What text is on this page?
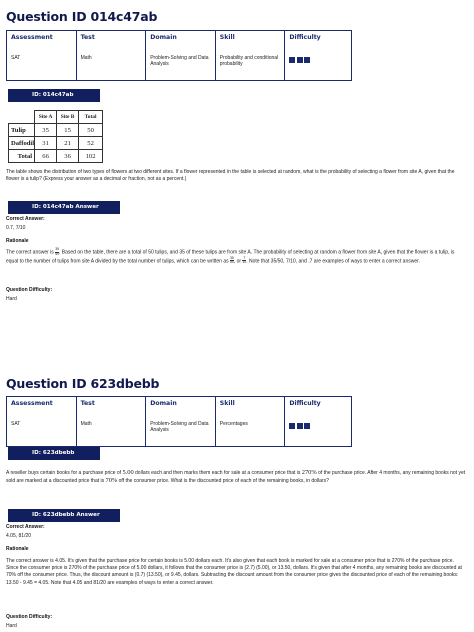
Question ID 014c47ab
Assessment
SAT
Test
Math
Domain
Problem-Solving and Data Analysis
Skill
Probability and conditional probability
Difficulty
ID: 014c47ab
	Site A	Site B	Total
Tulip	35	15	50
Daffodil	31	21	52
Total	66	36	102
The table shows the distribution of two types of flowers at two different sites. If a flower represented in the table is selected at random, what is the probability of selecting a flower from site A, given that the flower is a tulip? (Express your answer as a decimal or fraction, not as a percent.)
ID: 014c47ab Answer
Correct Answer:
0.7, 7/10
Rationale
The correct answer is $\frac{35}{50}$ . Based on the table, there are a total of 50 tulips, and 35 of these tulips are from site A. The probability of selecting at random a flower from site A, given that the flower is a tulip, is equal to the number of tulips from site A divided by the total number of tulips, which can be written as $\frac{35}{50}$ , or $\frac{7}{10}$ . Note that 35/50, 7/10, and .7 are examples of ways to enter a correct answer.
Question Difficulty:
Hard
Question ID 623dbebb
Assessment
SAT
Test
Math
Domain
Problem-Solving and Data Analysis
Skill
Percentages
Difficulty
ID: 623dbebb
A reseller buys certain books for a purchase price of 5.00 dollars each and then marks them each for sale at a consumer price that is 270% of the purchase price. After 4 months, any remaining books not yet sold are marked at a discounted price that is 70% off the consumer price. What is the discounted price of each of the remaining books, in dollars?
ID: 623dbebb Answer
Correct Answer:
4.05, 81/20
Rationale
The correct answer is 4.05. It's given that the purchase price for certain books is 5.00 dollars each. It's also given that each book is marked for sale at a consumer price that is 270% of the purchase price. Since the consumer price is 270% of the purchase price of 5.00 dollars, it follows that the consumer price is (2.7) (5.00), or 13.50, dollars. It's given that after 4 months, any remaining books are discounted at 70% off the consumer price. Thus, the discount amount is (0.7) (13.50), or 9.45, dollars. Subtracting the discount amount from the consumer price gives the discounted price of each of the remaining books: 13.50 - 9.45 = 4.05. Note that 4.05 and 81/20 are examples of ways to enter a correct answer.
Question Difficulty:
Hard
